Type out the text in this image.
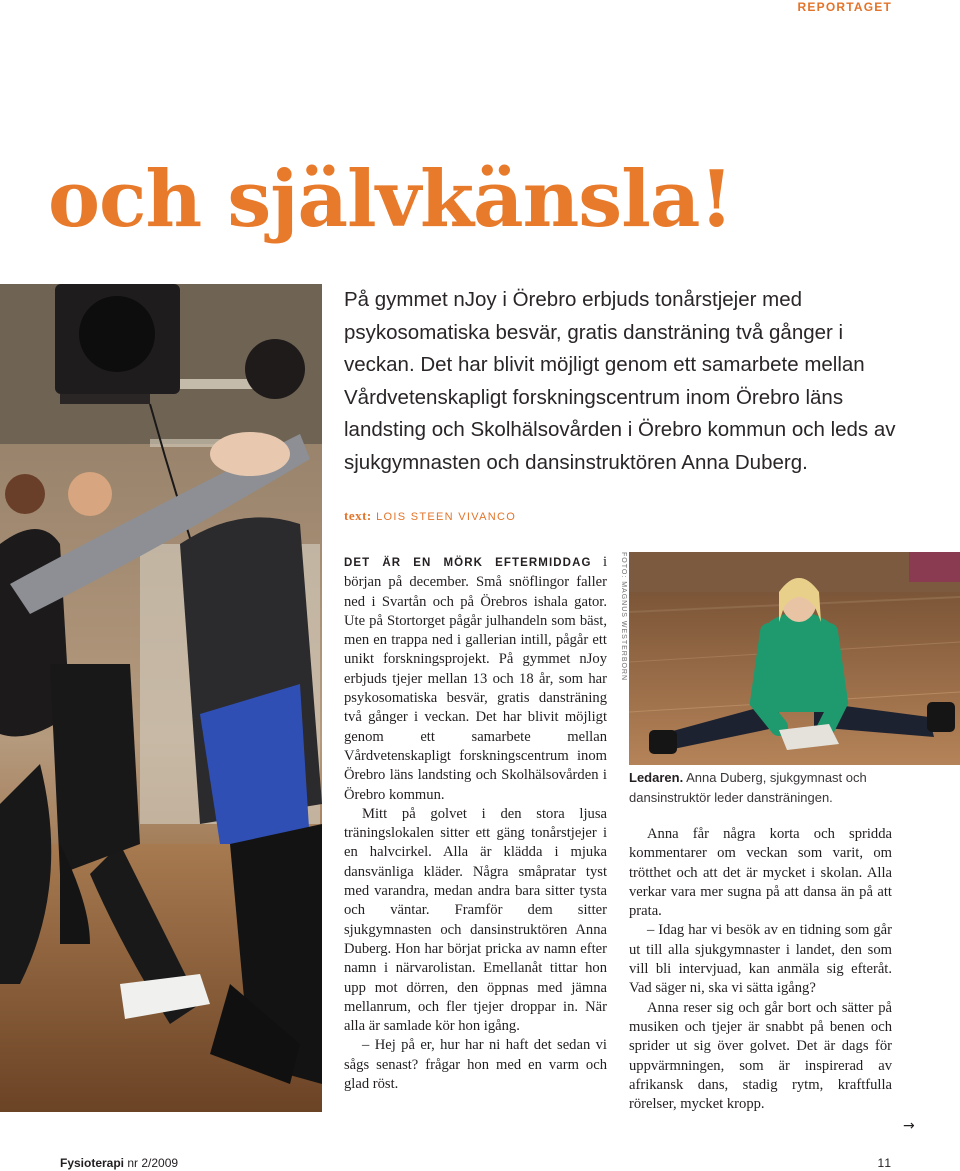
REPORTAGET
och självkänsla!

På gymmet nJoy i Örebro erbjuds tonårstjejer med psykosomatiska besvär, gratis dansträning två gånger i veckan. Det har blivit möjligt genom ett samarbete mellan Vårdvetenskapligt forskningscentrum inom Örebro läns landsting och Skolhälsovården i Örebro kommun och leds av sjukgymnasten och dansinstruktören Anna Duberg.

text: LOIS STEEN VIVANCO

DET ÄR EN MÖRK EFTERMIDDAG i början på december. Små snöflingor faller ned i Svartån och på Örebros ishala gator. Ute på Stortorget pågår julhandeln som bäst, men en trappa ned i gallerian intill, pågår ett unikt forskningsprojekt. På gymmet nJoy erbjuds tjejer mellan 13 och 18 år, som har psykosomatiska besvär, gratis dansträning två gånger i veckan. Det har blivit möjligt genom ett samarbete mellan Vårdvetenskapligt forskningscentrum inom Örebro läns landsting och Skolhälsovården i Örebro kommun.

Mitt på golvet i den stora ljusa träningslokalen sitter ett gäng tonårstjejer i en halvcirkel. Alla är klädda i mjuka dansvänliga kläder. Några småpratar tyst med varandra, medan andra bara sitter tysta och väntar. Framför dem sitter sjukgymnasten och dansinstruktören Anna Duberg. Hon har börjat pricka av namn efter namn i närvarolistan. Emellanåt tittar hon upp mot dörren, den öppnas med jämna mellanrum, och fler tjejer droppar in. När alla är samlade kör hon igång.

– Hej på er, hur har ni haft det sedan vi sågs senast? frågar hon med en varm och glad röst.

FOTO: MAGNUS WESTERBORN

Ledaren. Anna Duberg, sjukgymnast och dansinstruktör leder dansträningen.

Anna får några korta och spridda kommentarer om veckan som varit, om trötthet och att det är mycket i skolan. Alla verkar vara mer sugna på att dansa än på att prata.

– Idag har vi besök av en tidning som går ut till alla sjukgymnaster i landet, den som vill bli intervjuad, kan anmäla sig efteråt. Vad säger ni, ska vi sätta igång?

Anna reser sig och går bort och sätter på musiken och tjejer är snabbt på benen och sprider ut sig över golvet. Det är dags för uppvärmningen, som är inspirerad av afrikansk dans, stadig rytm, kraftfulla rörelser, mycket kropp.

→
Fysioterapi nr 2/2009	11
